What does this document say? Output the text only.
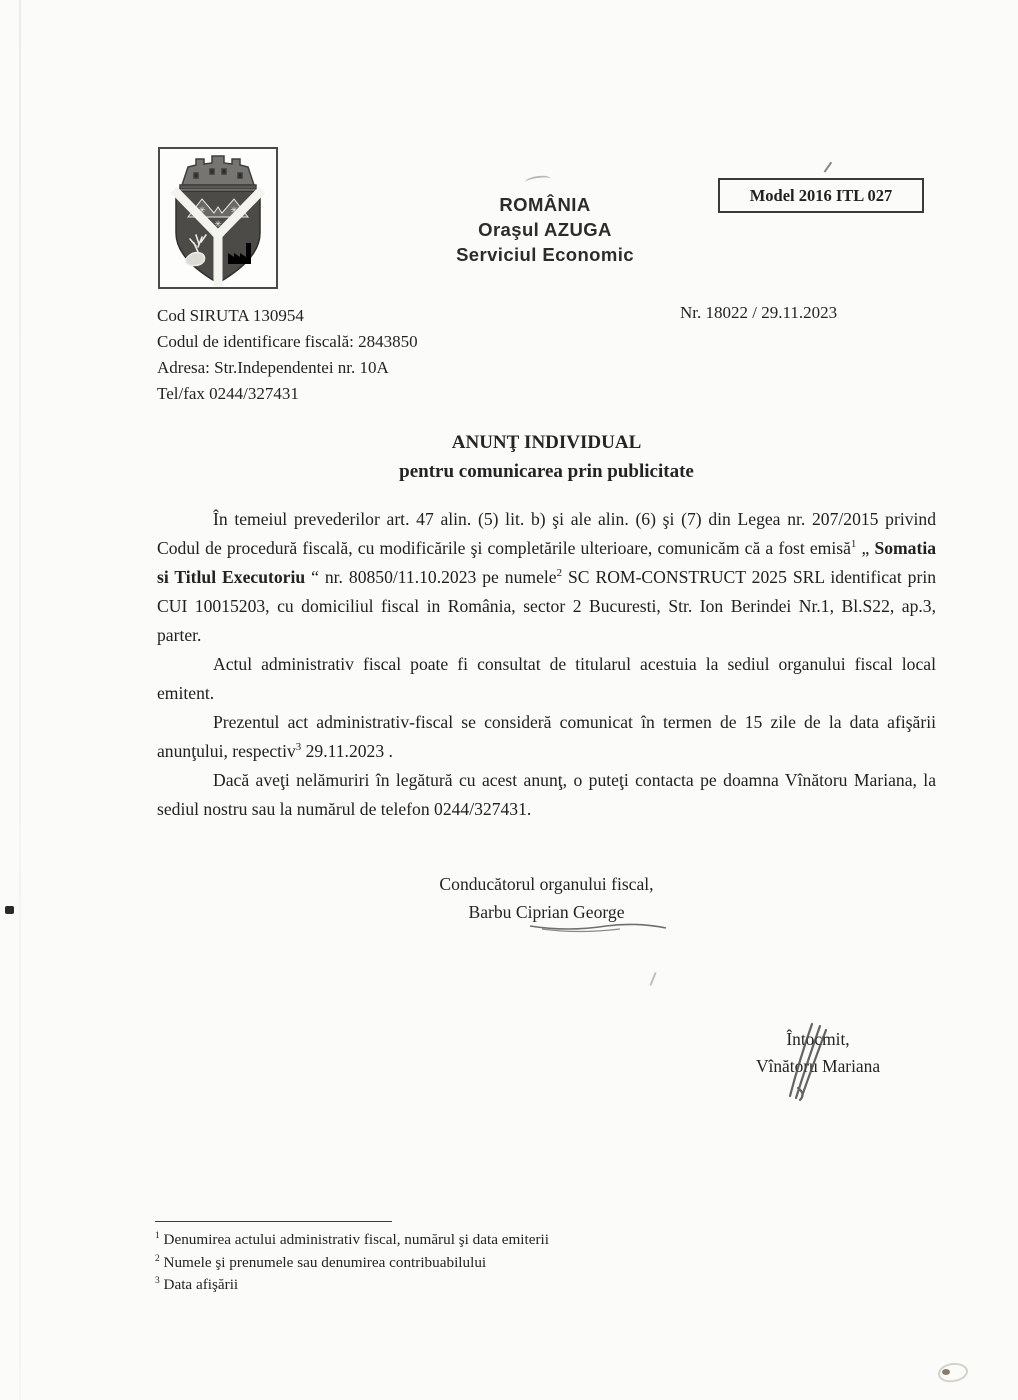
✳	✳
✳
ROMÂNIA
Oraşul AZUGA
Serviciul Economic
Model 2016 ITL 027
Cod SIRUTA 130954
Codul de identificare fiscală: 2843850
Adresa: Str.Independentei nr. 10A
Tel/fax 0244/327431
Nr. 18022 / 29.11.2023
ANUNŢ INDIVIDUAL
pentru comunicarea prin publicitate

În temeiul prevederilor art. 47 alin. (5) lit. b) şi ale alin. (6) şi (7) din Legea nr. 207/2015 privind Codul de procedură fiscală, cu modificările şi completările ulterioare, comunicăm că a fost emisă$^1$ „ Somatia si Titlul Executoriu “ nr. 80850/11.10.2023 pe numele$^2$ SC ROM-CONSTRUCT 2025 SRL identificat prin CUI 10015203, cu domiciliul fiscal in România, sector 2 Bucuresti, Str. Ion Berindei Nr.1, Bl.S22, ap.3, parter.

Actul administrativ fiscal poate fi consultat de titularul acestuia la sediul organului fiscal local emitent.

Prezentul act administrativ-fiscal se consideră comunicat în termen de 15 zile de la data afişării anunţului, respectiv$^3$ 29.11.2023 .

Dacă aveţi nelămuriri în legătură cu acest anunţ, o puteţi contacta pe doamna Vînătoru Mariana, la sediul nostru sau la numărul de telefon 0244/327431.

Conducătorul organului fiscal,
Barbu Ciprian George
Întocmit,
Vînătoru Mariana
$^1$ Denumirea actului administrativ fiscal, numărul şi data emiterii
$^2$ Numele şi prenumele sau denumirea contribuabilului
$^3$ Data afişării
